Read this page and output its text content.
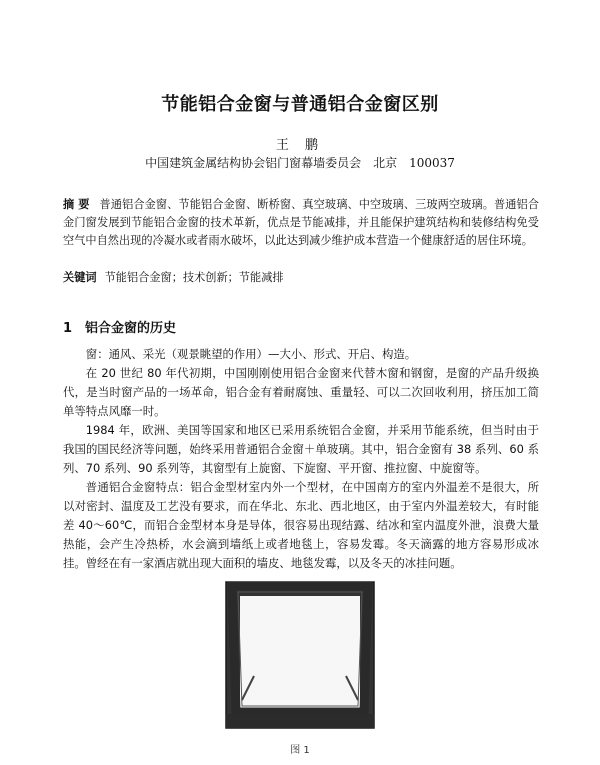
节能铝合金窗与普通铝合金窗区别
王 鹏
中国建筑金属结构协会铝门窗幕墙委员会 北京 100037
摘 要 普通铝合金窗、节能铝合金窗、断桥窗、真空玻璃、中空玻璃、三玻两空玻璃。普通铝合金门窗发展到节能铝合金窗的技术革新，优点是节能减排，并且能保护建筑结构和装修结构免受空气中自然出现的冷凝水或者雨水破坏，以此达到减少维护成本营造一个健康舒适的居住环境。
关键词 节能铝合金窗；技术创新；节能减排
1 铝合金窗的历史

窗：通风、采光（观景眺望的作用）—大小、形式、开启、构造。

在 20 世纪 80 年代初期，中国刚刚使用铝合金窗来代替木窗和钢窗，是窗的产品升级换代，是当时窗产品的一场革命，铝合金有着耐腐蚀、重量轻、可以二次回收利用，挤压加工简单等特点风靡一时。

1984 年，欧洲、美国等国家和地区已采用系统铝合金窗，并采用节能系统，但当时由于我国的国民经济等问题，始终采用普通铝合金窗＋单玻璃。其中，铝合金窗有 38 系列、60 系列、70 系列、90 系列等，其窗型有上旋窗、下旋窗、平开窗、推拉窗、中旋窗等。

普通铝合金窗特点：铝合金型材室内外一个型材，在中国南方的室内外温差不是很大，所以对密封、温度及工艺没有要求，而在华北、东北、西北地区，由于室内外温差较大，有时能差 40～60℃，而铝合金型材本身是导体，很容易出现结露、结冰和室内温度外泄，浪费大量热能，会产生冷热桥，水会滴到墙纸上或者地毯上，容易发霉。冬天滴露的地方容易形成冰挂。曾经在有一家酒店就出现大面积的墙皮、地毯发霉，以及冬天的冰挂问题。

图 1
